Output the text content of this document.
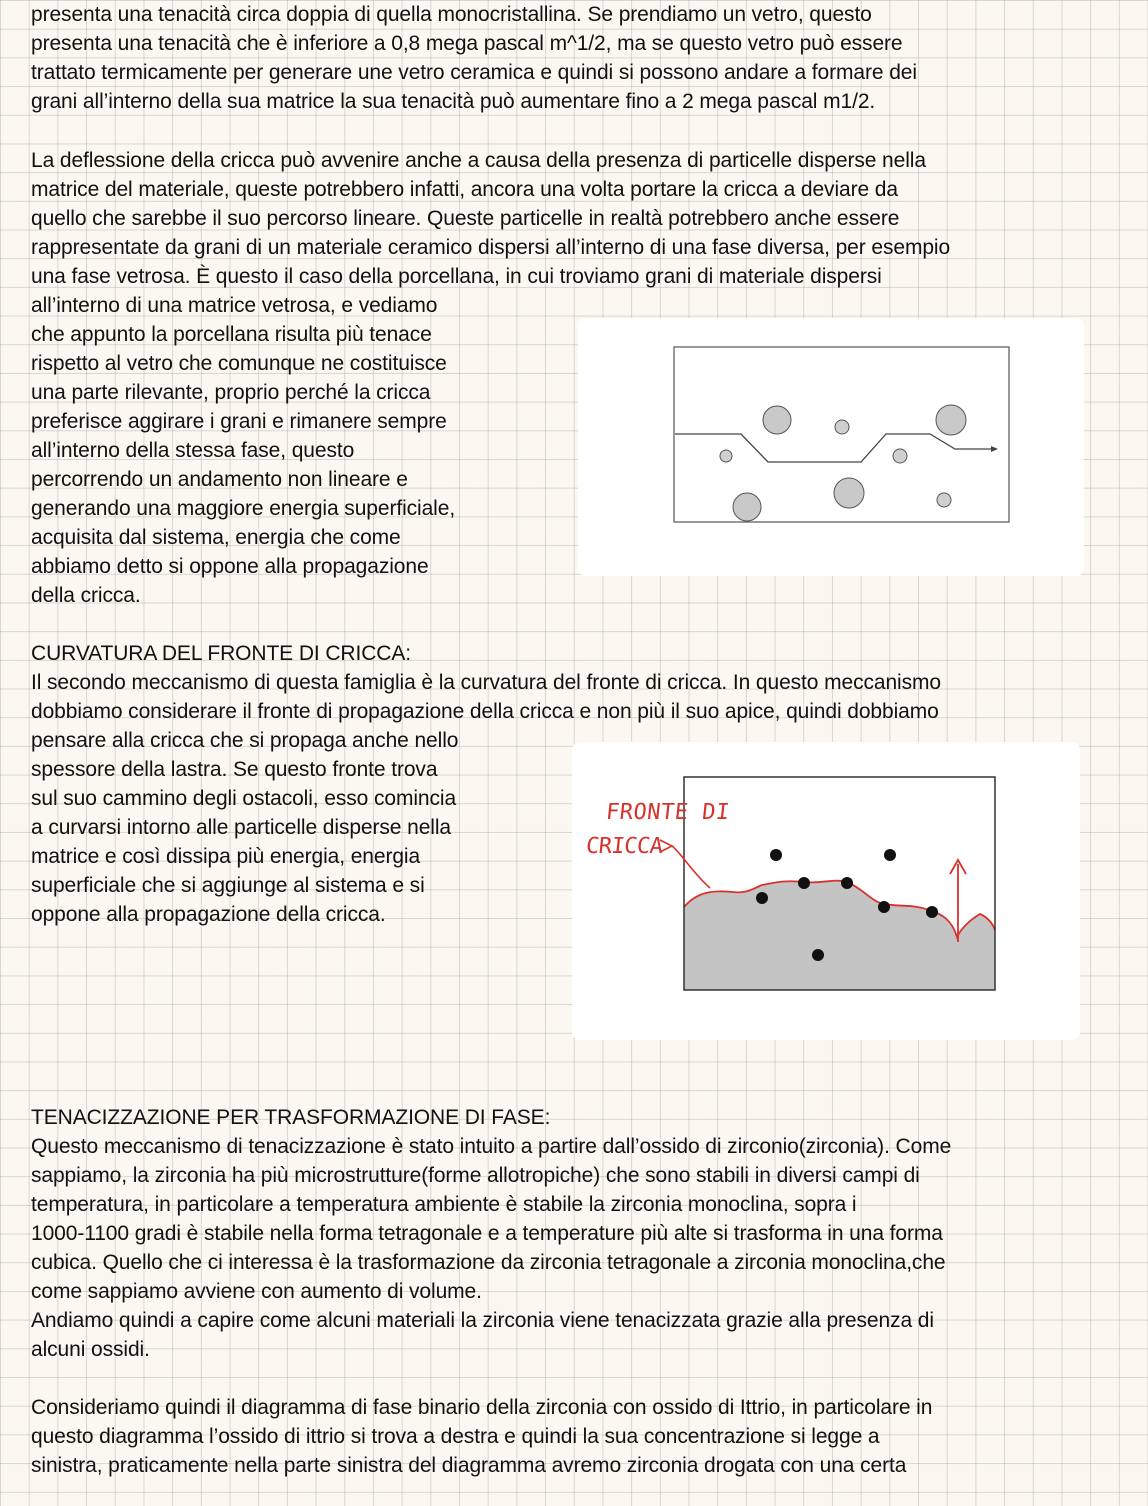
presenta una tenacità circa doppia di quella monocristallina. Se prendiamo un vetro, questo
presenta una tenacità che è inferiore a 0,8 mega pascal m^1/2, ma se questo vetro può essere
trattato termicamente per generare une vetro ceramica e quindi si possono andare a formare dei
grani all’interno della sua matrice la sua tenacità può aumentare fino a 2 mega pascal m1/2.
La deflessione della cricca può avvenire anche a causa della presenza di particelle disperse nella
matrice del materiale, queste potrebbero infatti, ancora una volta portare la cricca a deviare da
quello che sarebbe il suo percorso lineare. Queste particelle in realtà potrebbero anche essere
rappresentate da grani di un materiale ceramico dispersi all’interno di una fase diversa, per esempio
una fase vetrosa. È questo il caso della porcellana, in cui troviamo grani di materiale dispersi
all’interno di una matrice vetrosa, e vediamo
che appunto la porcellana risulta più tenace
rispetto al vetro che comunque ne costituisce
una parte rilevante, proprio perché la cricca
preferisce aggirare i grani e rimanere sempre
all’interno della stessa fase, questo
percorrendo un andamento non lineare e
generando una maggiore energia superficiale,
acquisita dal sistema, energia che come
abbiamo detto si oppone alla propagazione
della cricca.
CURVATURA DEL FRONTE DI CRICCA:
Il secondo meccanismo di questa famiglia è la curvatura del fronte di cricca. In questo meccanismo
dobbiamo considerare il fronte di propagazione della cricca e non più il suo apice, quindi dobbiamo
pensare alla cricca che si propaga anche nello
spessore della lastra. Se questo fronte trova
sul suo cammino degli ostacoli, esso comincia
a curvarsi intorno alle particelle disperse nella
matrice e così dissipa più energia, energia
superficiale che si aggiunge al sistema e si
oppone alla propagazione della cricca.
FRONTE DI
CRICCA
TENACIZZAZIONE PER TRASFORMAZIONE DI FASE:
Questo meccanismo di tenacizzazione è stato intuito a partire dall’ossido di zirconio(zirconia). Come
sappiamo, la zirconia ha più microstrutture(forme allotropiche) che sono stabili in diversi campi di
temperatura, in particolare a temperatura ambiente è stabile la zirconia monoclina, sopra i
1000-1100 gradi è stabile nella forma tetragonale e a temperature più alte si trasforma in una forma
cubica. Quello che ci interessa è la trasformazione da zirconia tetragonale a zirconia monoclina,che
come sappiamo avviene con aumento di volume.
Andiamo quindi a capire come alcuni materiali la zirconia viene tenacizzata grazie alla presenza di
alcuni ossidi.
Consideriamo quindi il diagramma di fase binario della zirconia con ossido di Ittrio, in particolare in
questo diagramma l’ossido di ittrio si trova a destra e quindi la sua concentrazione si legge a
sinistra, praticamente nella parte sinistra del diagramma avremo zirconia drogata con una certa
